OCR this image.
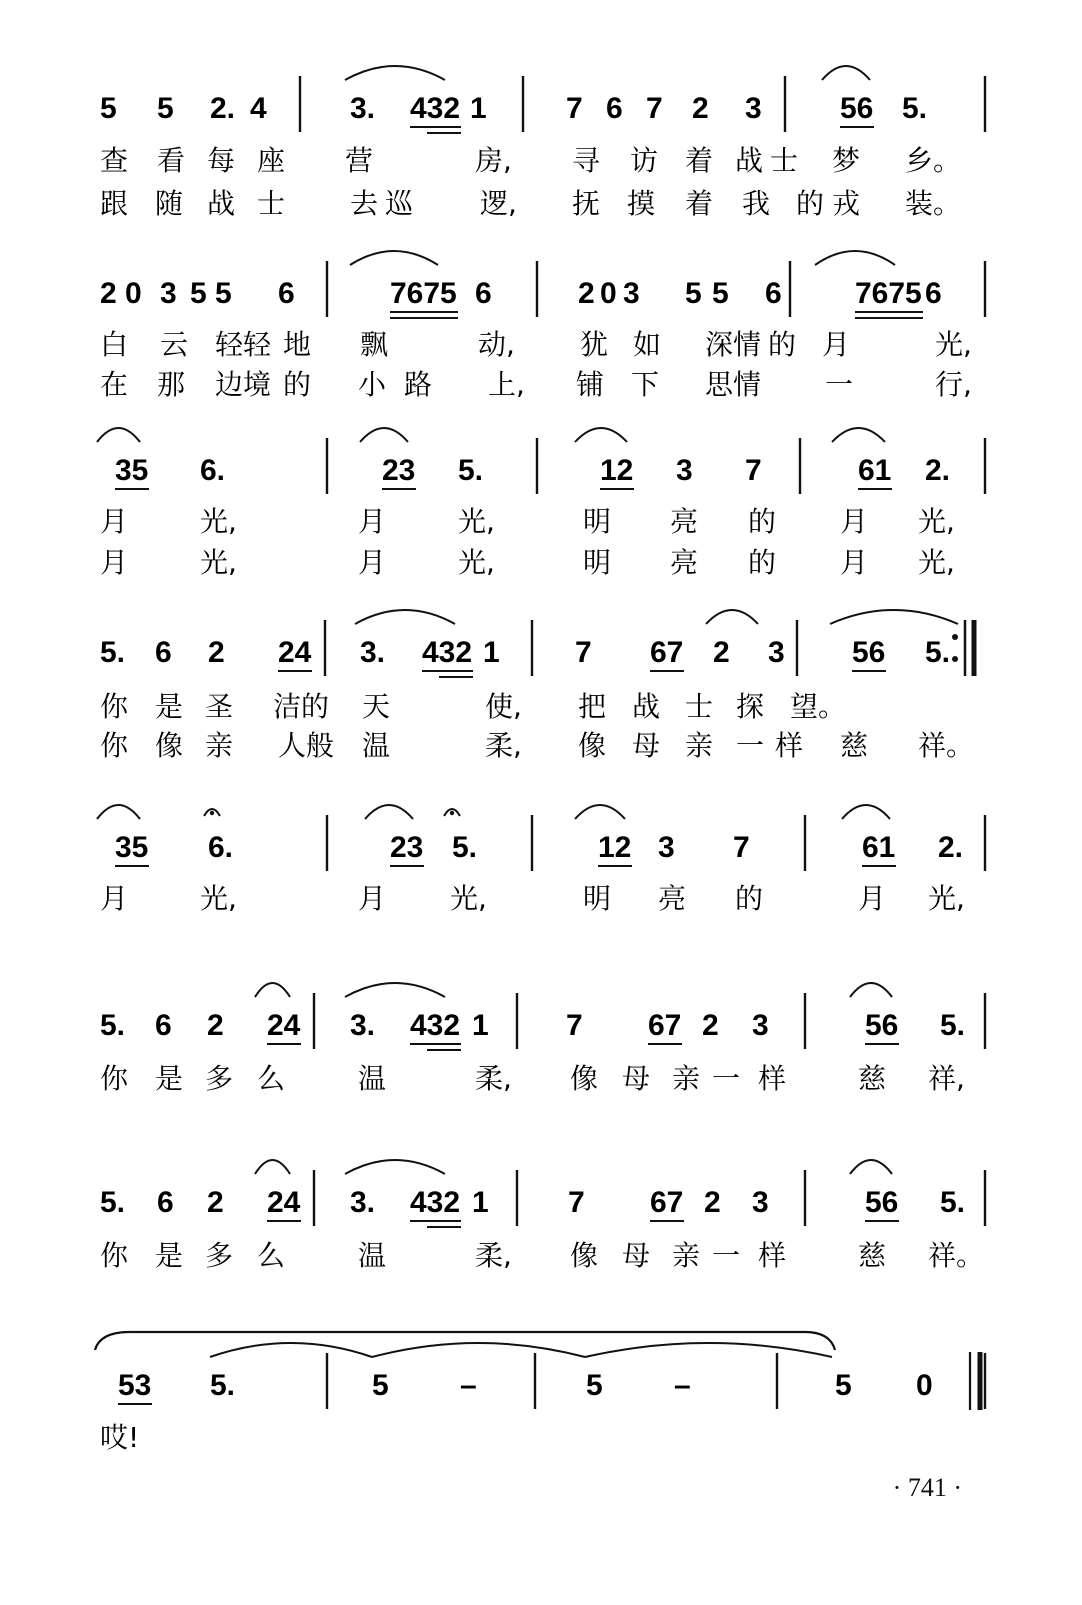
5 5 2. 4	3. 432 1	7 6 7 2 3	56 5.
查 看 每 座 营	房, 寻 访 着 战 士 梦 乡。
跟 随 战 士 去 巡 逻, 抚 摸 着 我 的 戎 装。
2 0 3 5 5 6	7675 6	2 0 3 5 5 6 7675 6
白 云 轻轻 地 飘	动, 犹 如 深情 的 月	光,
在 那 边境 的 小 路 上, 铺 下 思情 一	行,
35 6.	23 5.	12 3 7	61 2.
月	光,	月	光,	明 亮 的 月 光,
月	光,	月	光,	明 亮 的 月 光,
5. 6 2 24 3. 432 1	7 67 2 3 56 5.
你 是 圣 洁的 天	使, 把 战 士 探 望。
你 像 亲 人般 温	柔, 像 母 亲 一 样 慈 祥。
35 6.	23 5.	12 3 7	61 2.
月	光,	月 光,	明 亮 的	月 光,
5. 6 2 24 3. 432 1	7 67 2 3	56 5.
你 是 多 么	温	柔, 像 母 亲 一 样	慈 祥,
5. 6 2 24 3. 432 1	7 67 2 3	56 5.
你 是 多 么	温	柔, 像 母 亲 一 样	慈 祥。
53 5.	5 –	5 –	5 0
哎!
· 741 ·
